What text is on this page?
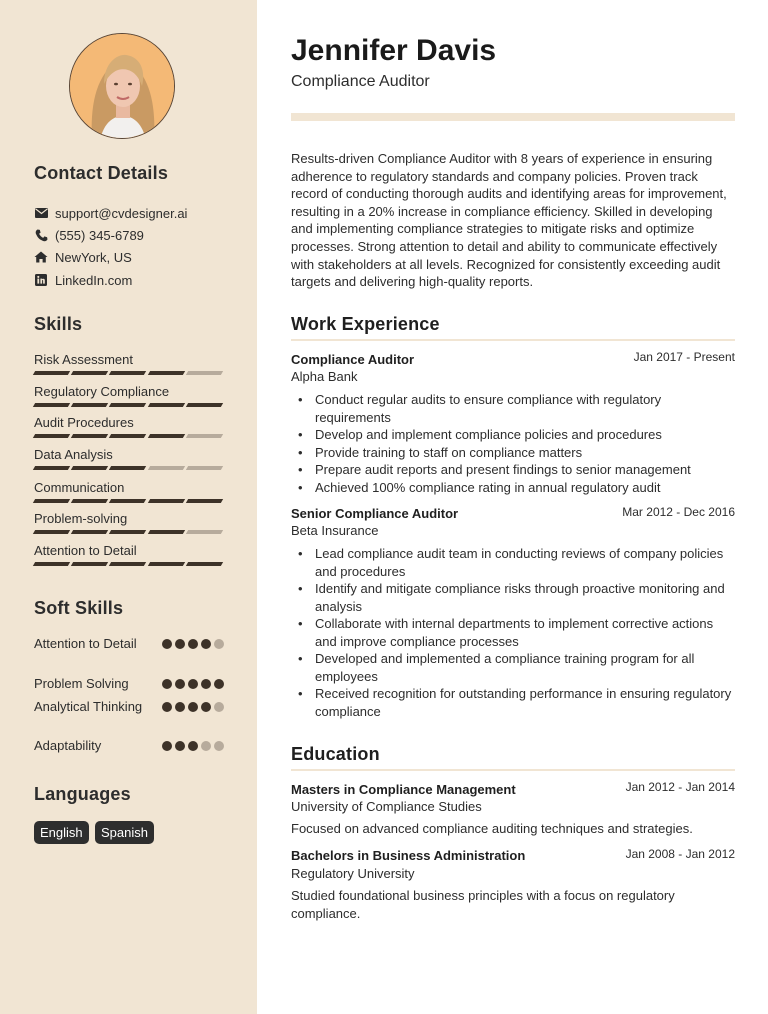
Contact Details
support@cvdesigner.ai
(555) 345-6789
NewYork, US
LinkedIn.com
Skills
Risk Assessment
Regulatory Compliance
Audit Procedures
Data Analysis
Communication
Problem-solving
Attention to Detail
Soft Skills
Attention to Detail
Problem Solving
Analytical Thinking
Adaptability
Languages
English	Spanish
Jennifer Davis
Compliance Auditor
Results-driven Compliance Auditor with 8 years of experience in ensuring adherence to regulatory standards and company policies. Proven track record of conducting thorough audits and identifying areas for improvement, resulting in a 20% increase in compliance efficiency. Skilled in developing and implementing compliance strategies to mitigate risks and optimize processes. Strong attention to detail and ability to communicate effectively with stakeholders at all levels. Recognized for consistently exceeding audit targets and delivering high-quality reports.
Work Experience
Compliance Auditor	Jan 2017 - Present
Alpha Bank
• Conduct regular audits to ensure compliance with regulatory requirements
• Develop and implement compliance policies and procedures
• Provide training to staff on compliance matters
• Prepare audit reports and present findings to senior management
• Achieved 100% compliance rating in annual regulatory audit
Senior Compliance Auditor	Mar 2012 - Dec 2016
Beta Insurance
• Lead compliance audit team in conducting reviews of company policies and procedures
• Identify and mitigate compliance risks through proactive monitoring and analysis
• Collaborate with internal departments to implement corrective actions and improve compliance processes
• Developed and implemented a compliance training program for all employees
• Received recognition for outstanding performance in ensuring regulatory compliance
Education
Masters in Compliance Management	Jan 2012 - Jan 2014
University of Compliance Studies
Focused on advanced compliance auditing techniques and strategies.
Bachelors in Business Administration	Jan 2008 - Jan 2012
Regulatory University
Studied foundational business principles with a focus on regulatory compliance.
